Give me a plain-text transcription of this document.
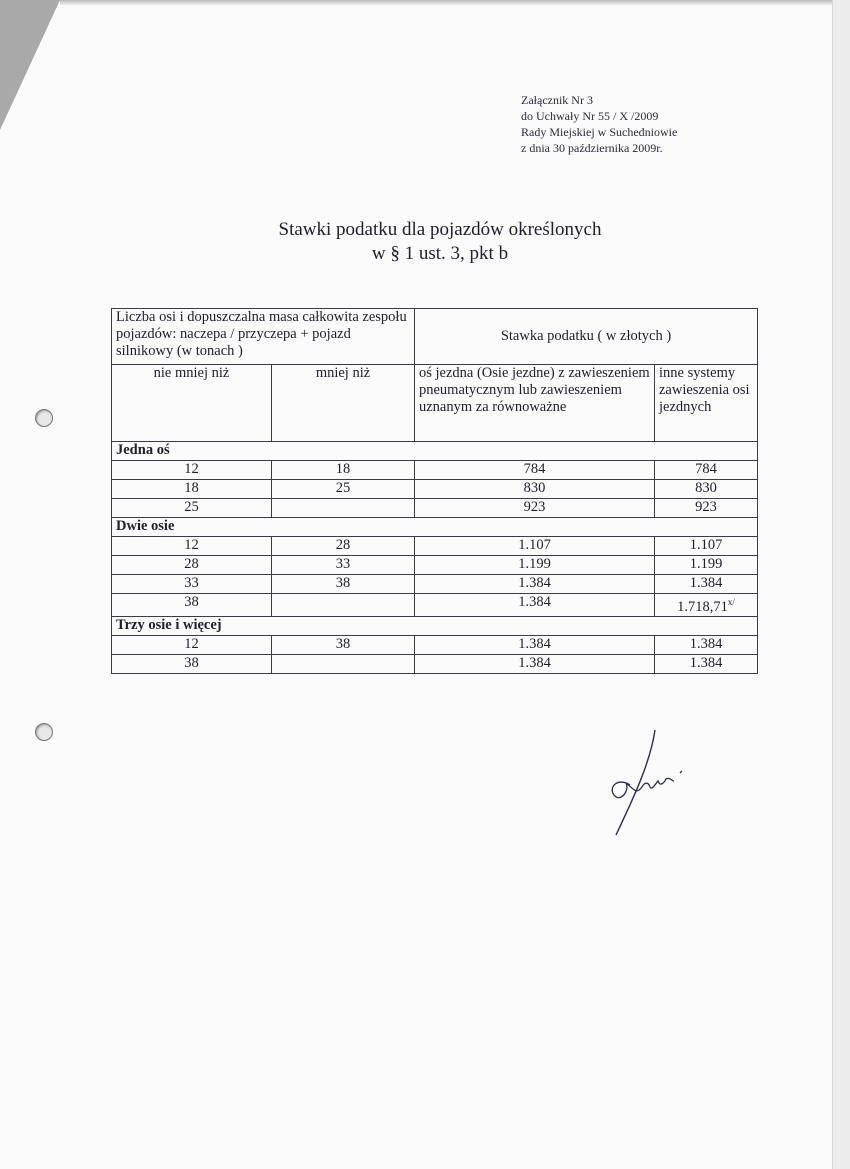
Załącznik Nr 3
do Uchwały Nr 55 / X /2009
Rady Miejskiej w Suchedniowie
z dnia 30 października 2009r.
Stawki podatku dla pojazdów określonych
w § 1 ust. 3, pkt b
Liczba osi i dopuszczalna masa całkowita zespołu pojazdów: naczepa / przyczepa + pojazd silnikowy (w tonach )		Stawka podatku ( w złotych )	
nie mniej niż	mniej niż	oś jezdna (Osie jezdne) z zawieszeniem pneumatycznym lub zawieszeniem uznanym za równoważne	inne systemy zawieszenia osi jezdnych
Jedna oś			
12	18	784	784
18	25	830	830
25		923	923
Dwie osie			
12	28	1.107	1.107
28	33	1.199	1.199
33	38	1.384	1.384
38		1.384	$1.718,71^{x/}$
Trzy osie i więcej			
12	38	1.384	1.384
38		1.384	1.384
